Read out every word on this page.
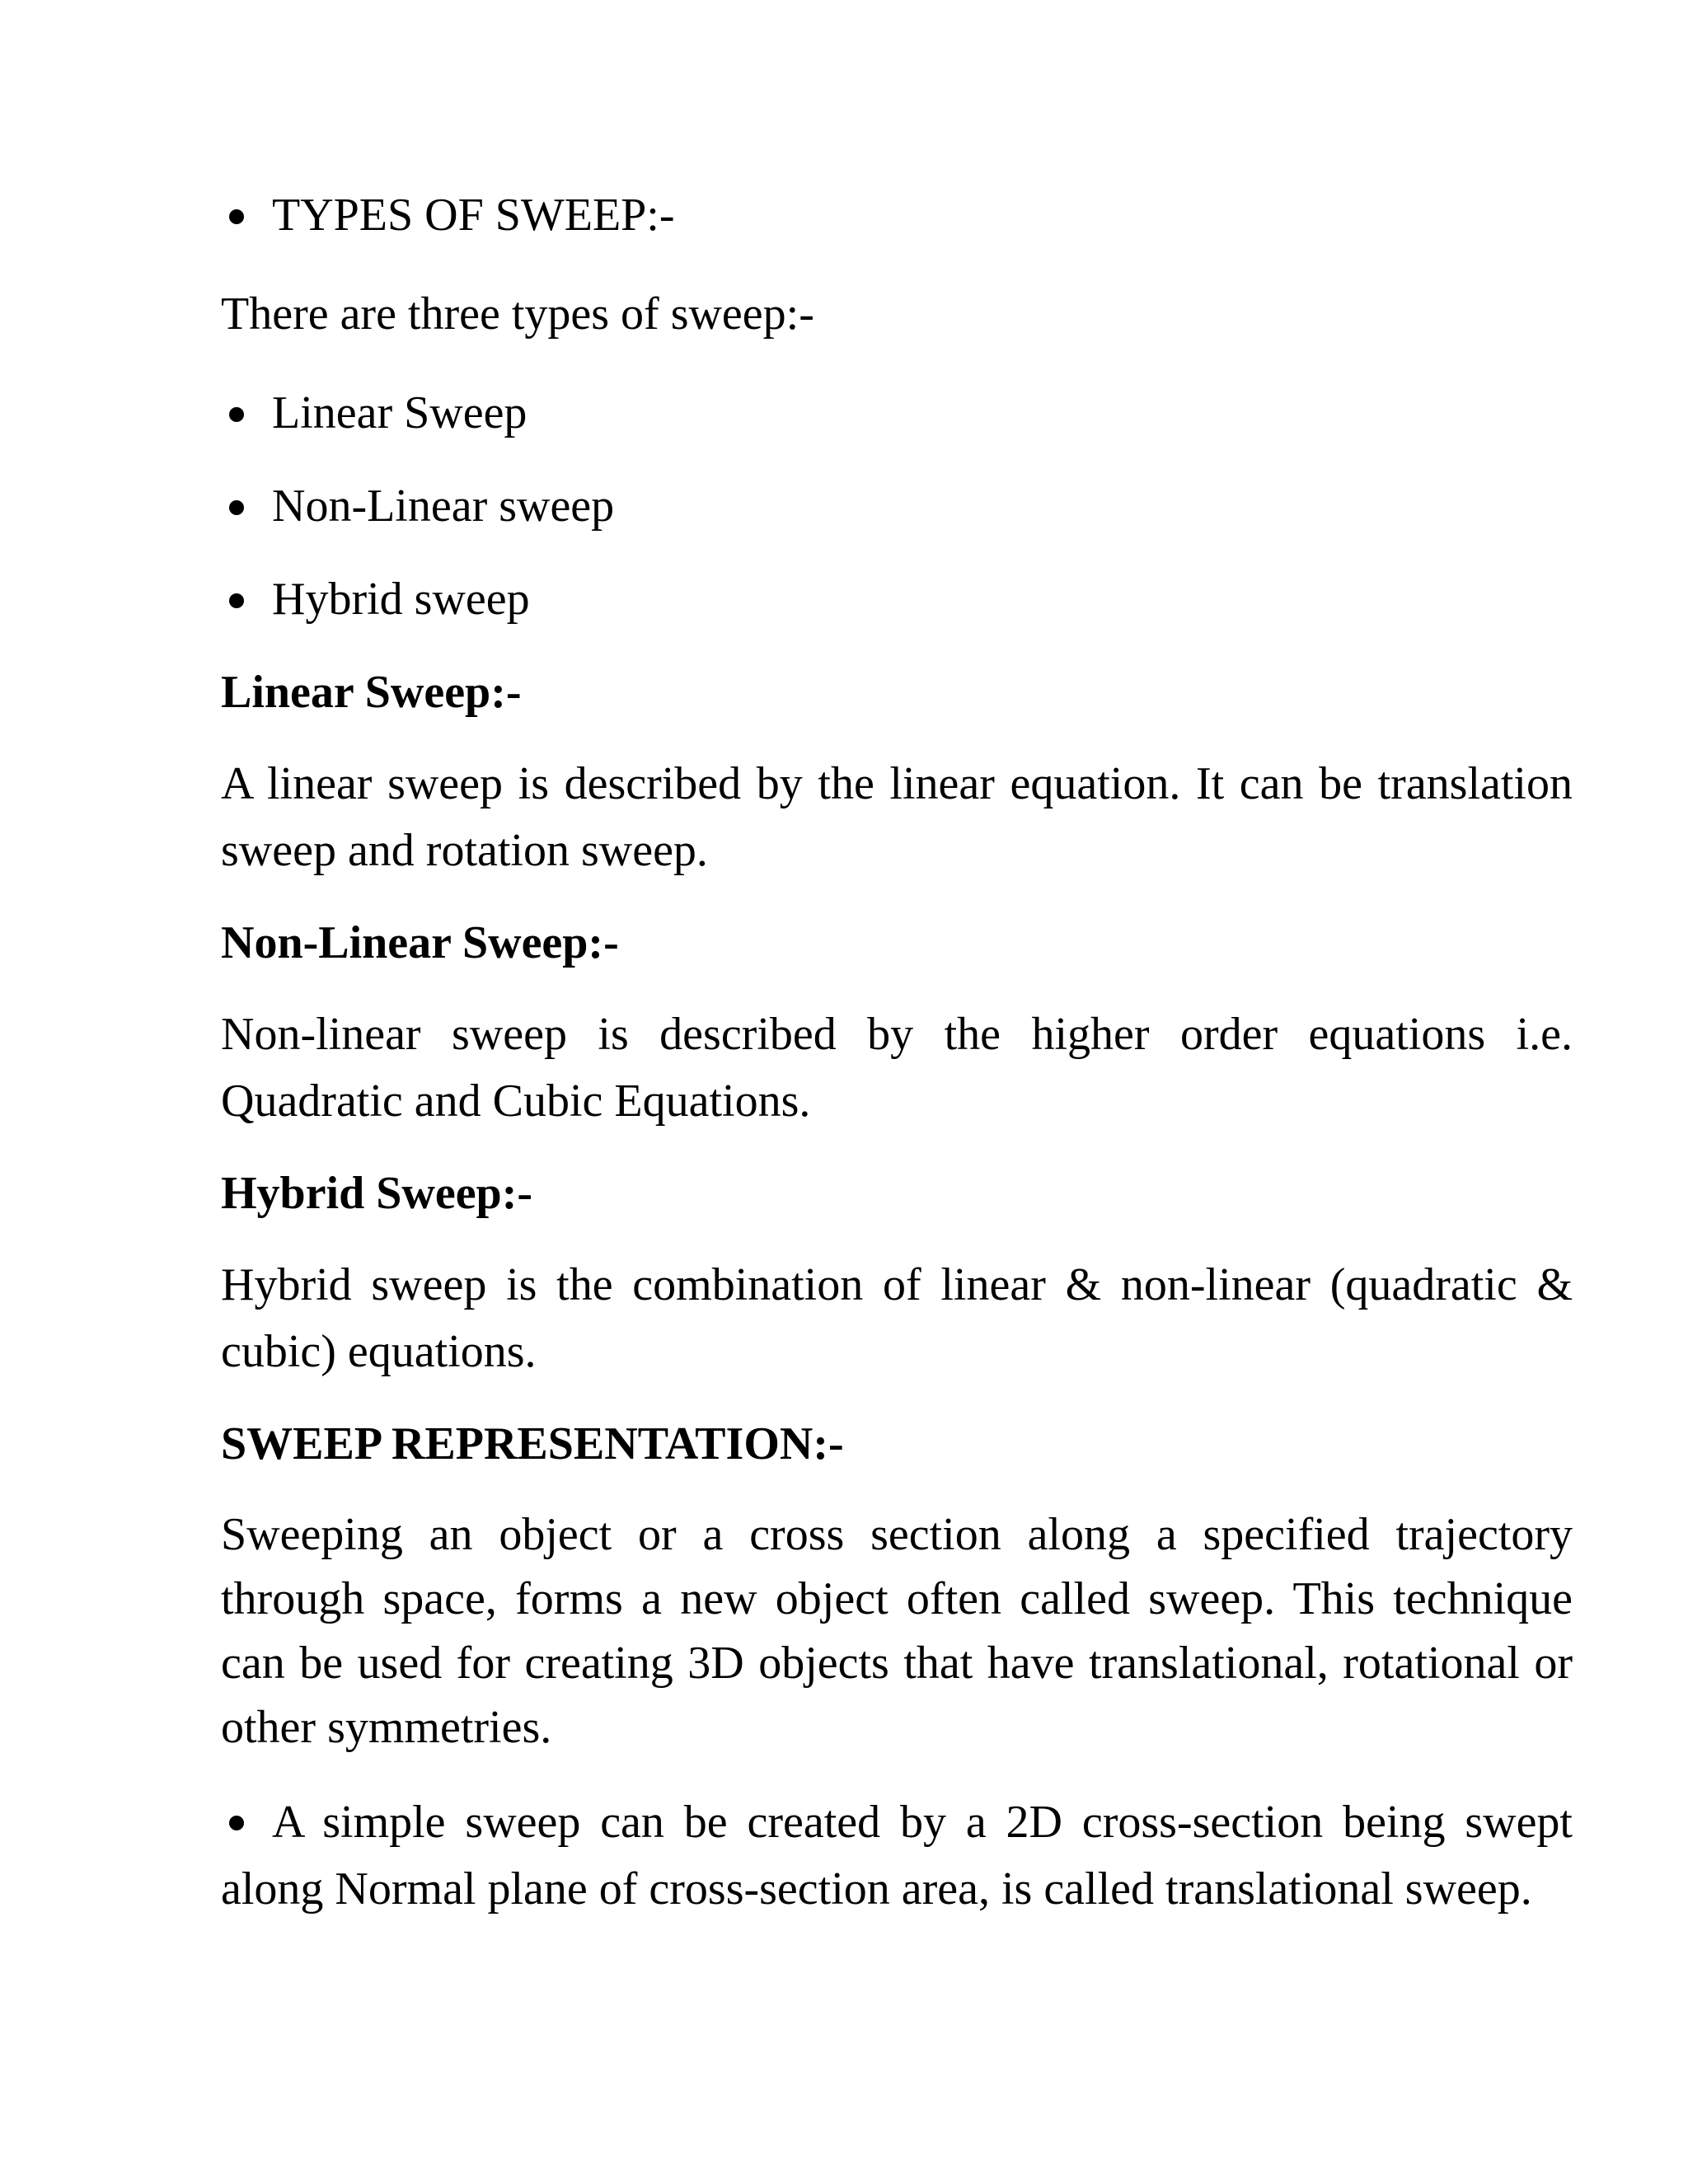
TYPES OF SWEEP:-
There are three types of sweep:-
Linear Sweep
Non-Linear sweep
Hybrid sweep
Linear Sweep:-
A linear sweep is described by the linear equation. It can be translation sweep and rotation sweep.
Non-Linear Sweep:-
Non-linear sweep is described by the higher order equations i.e. Quadratic and Cubic Equations.
Hybrid Sweep:-
Hybrid sweep is the combination of linear & non-linear (quadratic & cubic) equations.
SWEEP REPRESENTATION:-
Sweeping an object or a cross section along a specified trajectory through space, forms a new object often called sweep. This technique can be used for creating 3D objects that have translational, rotational or other symmetries.
A simple sweep can be created by a 2D cross-section being swept along Normal plane of cross-section area, is called translational sweep.
